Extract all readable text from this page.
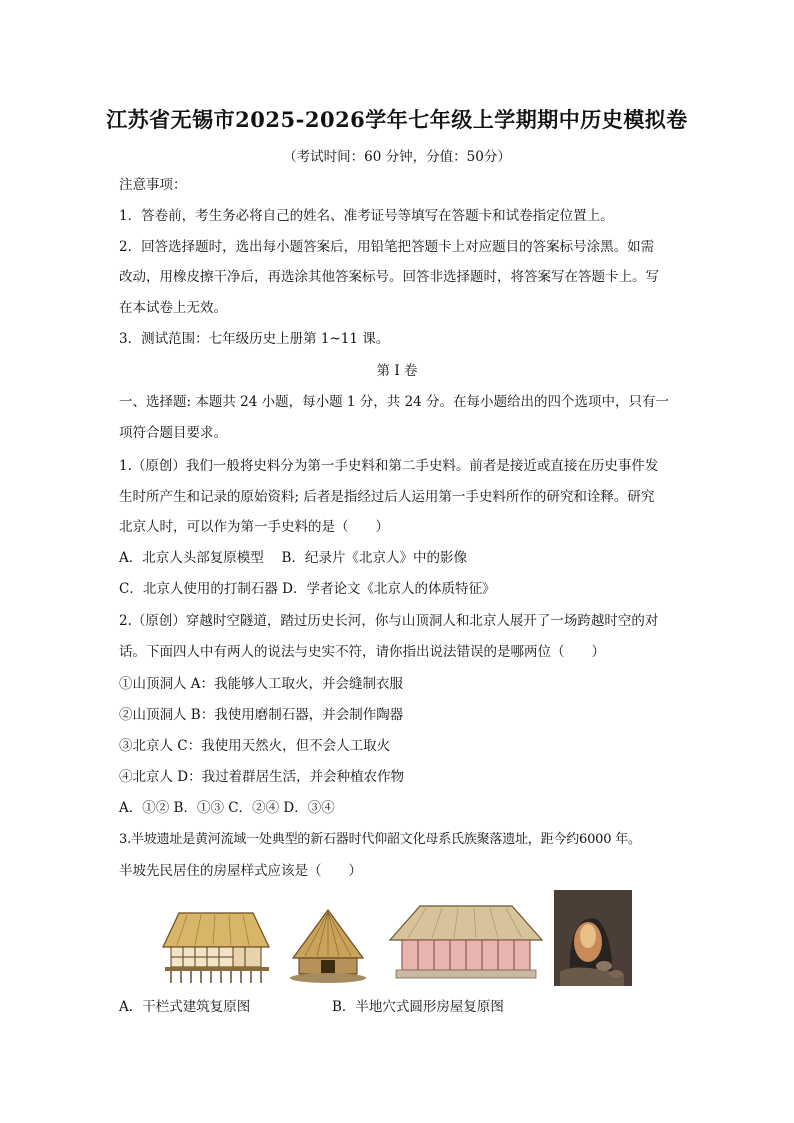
江苏省无锡市2025-2026学年七年级上学期期中历史模拟卷
（考试时间：60 分钟，分值：50分）
注意事项：
1．答卷前，考生务必将自己的姓名、准考证号等填写在答题卡和试卷指定位置上。
2．回答选择题时，选出每小题答案后，用铅笔把答题卡上对应题目的答案标号涂黑。如需
改动，用橡皮擦干净后，再选涂其他答案标号。回答非选择题时，将答案写在答题卡上。写
在本试卷上无效。
3．测试范围：七年级历史上册第 1~11 课。
第 I 卷
一、选择题: 本题共 24 小题，每小题 1 分，共 24 分。在每小题给出的四个选项中，只有一
项符合题目要求。
1.（原创）我们一般将史料分为第一手史料和第二手史料。前者是接近或直接在历史事件发
生时所产生和记录的原始资料; 后者是指经过后人运用第一手史料所作的研究和诠释。研究
北京人时，可以作为第一手史料的是（　　）
A．北京人头部复原模型　 B．纪录片《北京人》中的影像
C．北京人使用的打制石器 D．学者论文《北京人的体质特征》
2.（原创）穿越时空隧道，踏过历史长河，你与山顶洞人和北京人展开了一场跨越时空的对
话。下面四人中有两人的说法与史实不符，请你指出说法错误的是哪两位（　　）
①山顶洞人 A：我能够人工取火，并会缝制衣服
②山顶洞人 B：我使用磨制石器，并会制作陶器
③北京人 C：我使用天然火，但不会人工取火
④北京人 D：我过着群居生活，并会种植农作物
A．①② B．①③ C．②④ D．③④
3.半坡遗址是黄河流域一处典型的新石器时代仰韶文化母系氏族聚落遗址，距今约6000 年。
半坡先民居住的房屋样式应该是（　　）
A．干栏式建筑复原图	B．半地穴式圆形房屋复原图
